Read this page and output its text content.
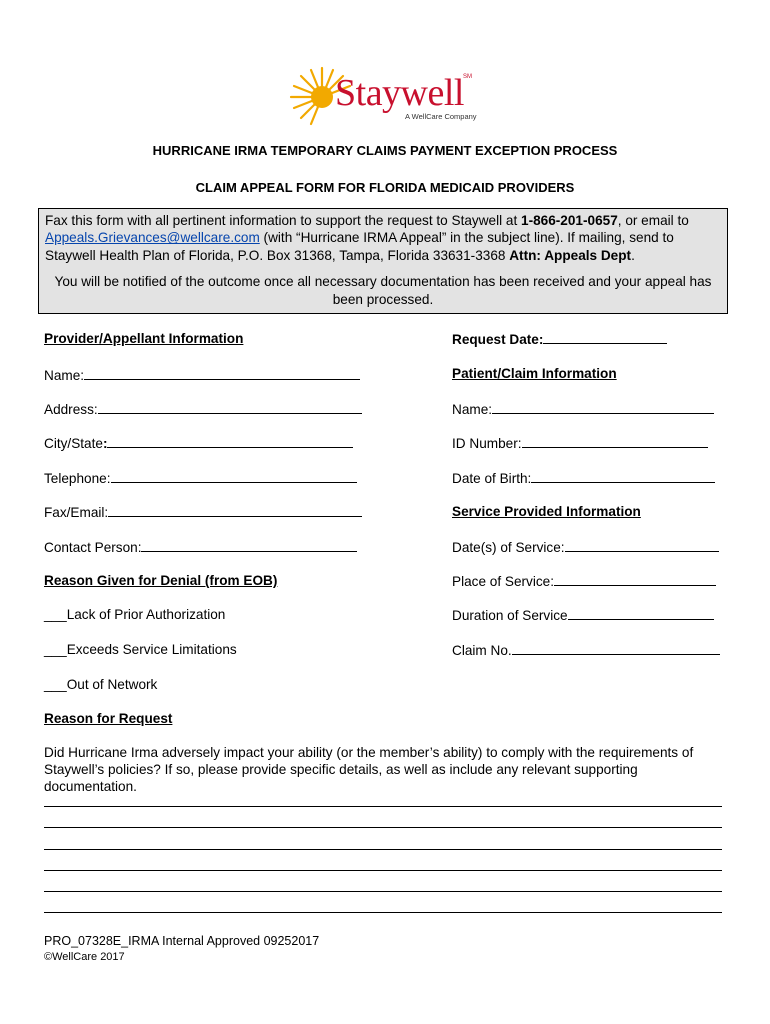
Staywell SM
A WellCare Company
HURRICANE IRMA TEMPORARY CLAIMS PAYMENT EXCEPTION PROCESS
CLAIM APPEAL FORM FOR FLORIDA MEDICAID PROVIDERS

Fax this form with all pertinent information to support the request to Staywell at 1-866-201-0657, or email to Appeals.Grievances@wellcare.com (with “Hurricane IRMA Appeal” in the subject line). If mailing, send to Staywell Health Plan of Florida, P.O. Box 31368, Tampa, Florida 33631-3368 Attn: Appeals Dept.

You will be notified of the outcome once all necessary documentation has been received and your appeal has been processed.

Provider/Appellant Information
Name:
Address:
City/State:
Telephone:
Fax/Email:
Contact Person:
Reason Given for Denial (from EOB)
___Lack of Prior Authorization
___Exceeds Service Limitations
___Out of Network
Reason for Request
Did Hurricane Irma adversely impact your ability (or the member’s ability) to comply with the requirements of Staywell’s policies? If so, please provide specific details, as well as include any relevant supporting documentation.
Request Date:
Patient/Claim Information
Name:
ID Number:
Date of Birth:
Service Provided Information
Date(s) of Service:
Place of Service:
Duration of Service
Claim No.
PRO_07328E_IRMA Internal Approved 09252017
©WellCare 2017
